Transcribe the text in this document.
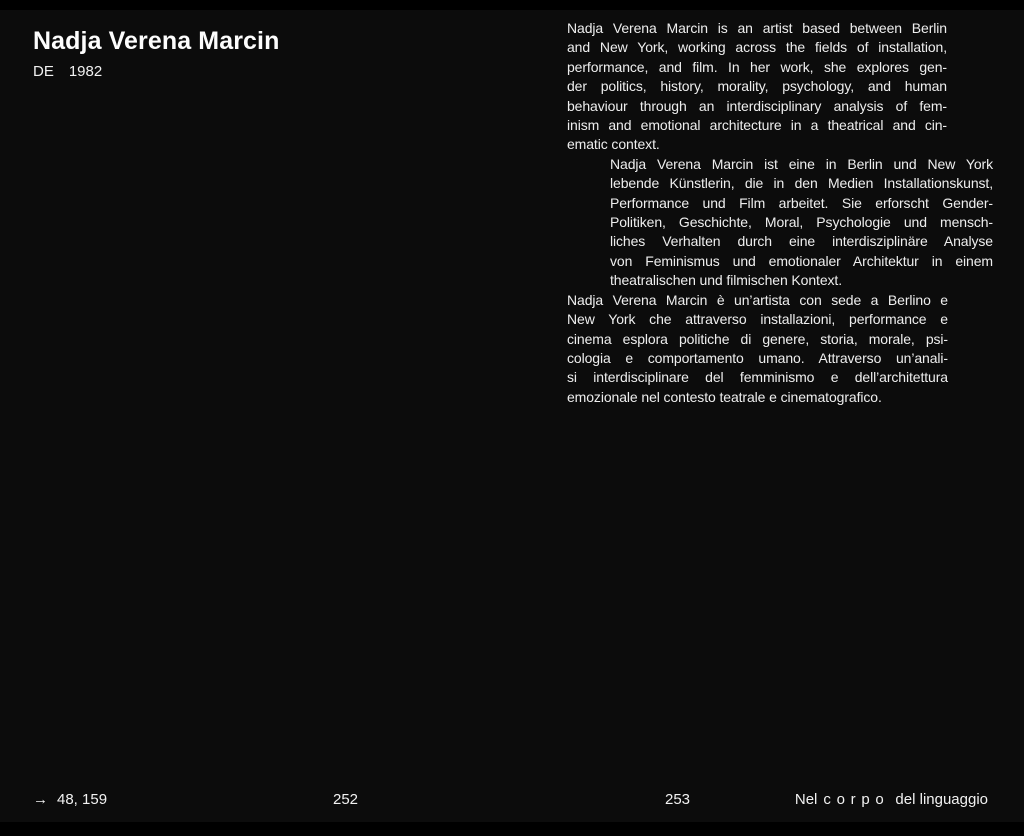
Nadja Verena Marcin
DE 1982
Nadja Verena Marcin is an artist based between Berlin
and New York, working across the fields of installation,
performance, and film. In her work, she explores gen-
der politics, history, morality, psychology, and human
behaviour through an interdisciplinary analysis of fem-
inism and emotional architecture in a theatrical and cin-
ematic context.
Nadja Verena Marcin ist eine in Berlin und New York
lebende Künstlerin, die in den Medien Installationskunst,
Performance und Film arbeitet. Sie erforscht Gender-
Politiken, Geschichte, Moral, Psychologie und mensch-
liches Verhalten durch eine interdisziplinäre Analyse
von Feminismus und emotionaler Architektur in einem
theatralischen und filmischen Kontext.
Nadja Verena Marcin è un’artista con sede a Berlino e
New York che attraverso installazioni, performance e
cinema esplora politiche di genere, storia, morale, psi-
cologia e comportamento umano. Attraverso un’anali-
si interdisciplinare del femminismo e dell’architettura
emozionale nel contesto teatrale e cinematografico.
→ 48, 159	252	253	Nel corpo del linguaggio
